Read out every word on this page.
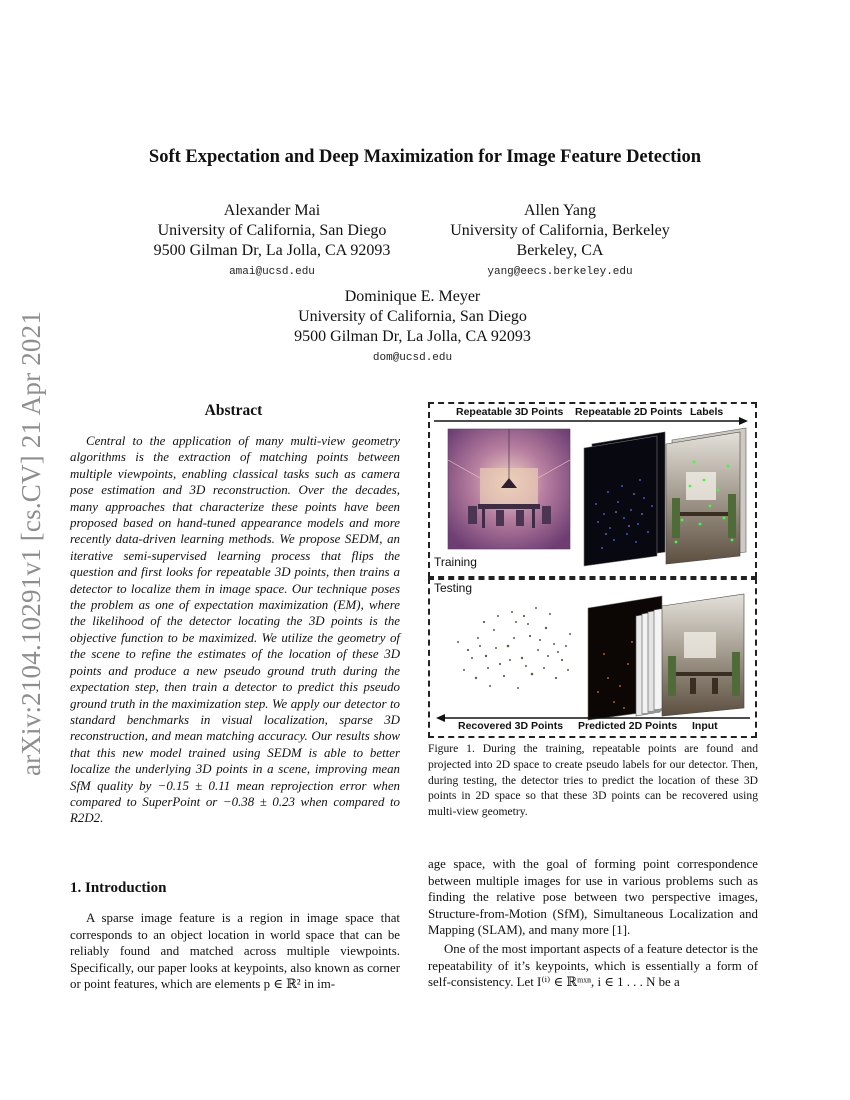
arXiv:2104.10291v1 [cs.CV] 21 Apr 2021
Soft Expectation and Deep Maximization for Image Feature Detection
Alexander Mai
University of California, San Diego
9500 Gilman Dr, La Jolla, CA 92093
amai@ucsd.edu
Allen Yang
University of California, Berkeley
Berkeley, CA
yang@eecs.berkeley.edu
Dominique E. Meyer
University of California, San Diego
9500 Gilman Dr, La Jolla, CA 92093
dom@ucsd.edu
Abstract

Central to the application of many multi-view geometry algorithms is the extraction of matching points between multiple viewpoints, enabling classical tasks such as camera pose estimation and 3D reconstruction. Over the decades, many approaches that characterize these points have been proposed based on hand-tuned appearance models and more recently data-driven learning methods. We propose SEDM, an iterative semi-supervised learning process that flips the question and first looks for repeatable 3D points, then trains a detector to localize them in image space. Our technique poses the problem as one of expectation maximization (EM), where the likelihood of the detector locating the 3D points is the objective function to be maximized. We utilize the geometry of the scene to refine the estimates of the location of these 3D points and produce a new pseudo ground truth during the expectation step, then train a detector to predict this pseudo ground truth in the maximization step. We apply our detector to standard benchmarks in visual localization, sparse 3D reconstruction, and mean matching accuracy. Our results show that this new model trained using SEDM is able to better localize the underlying 3D points in a scene, improving mean SfM quality by −0.15 ± 0.11 mean reprojection error when compared to SuperPoint or −0.38 ± 0.23 when compared to R2D2.

Repeatable 3D Points Repeatable 2D Points Labels
Training
Testing
Recovered 3D Points Predicted 2D Points Input

Figure 1. During the training, repeatable points are found and projected into 2D space to create pseudo labels for our detector. Then, during testing, the detector tries to predict the location of these 3D points in 2D space so that these 3D points can be recovered using multi-view geometry.

1. Introduction

A sparse image feature is a region in image space that corresponds to an object location in world space that can be reliably found and matched across multiple viewpoints. Specifically, our paper looks at keypoints, also known as corner or point features, which are elements p ∈ ℝ² in im-

age space, with the goal of forming point correspondence between multiple images for use in various problems such as finding the relative pose between two perspective images, Structure-from-Motion (SfM), Simultaneous Localization and Mapping (SLAM), and many more [1].

One of the most important aspects of a feature detector is the repeatability of it’s keypoints, which is essentially a form of self-consistency. Let I⁽ⁱ⁾ ∈ ℝᵐˣⁿ, i ∈ 1 . . . N be a
